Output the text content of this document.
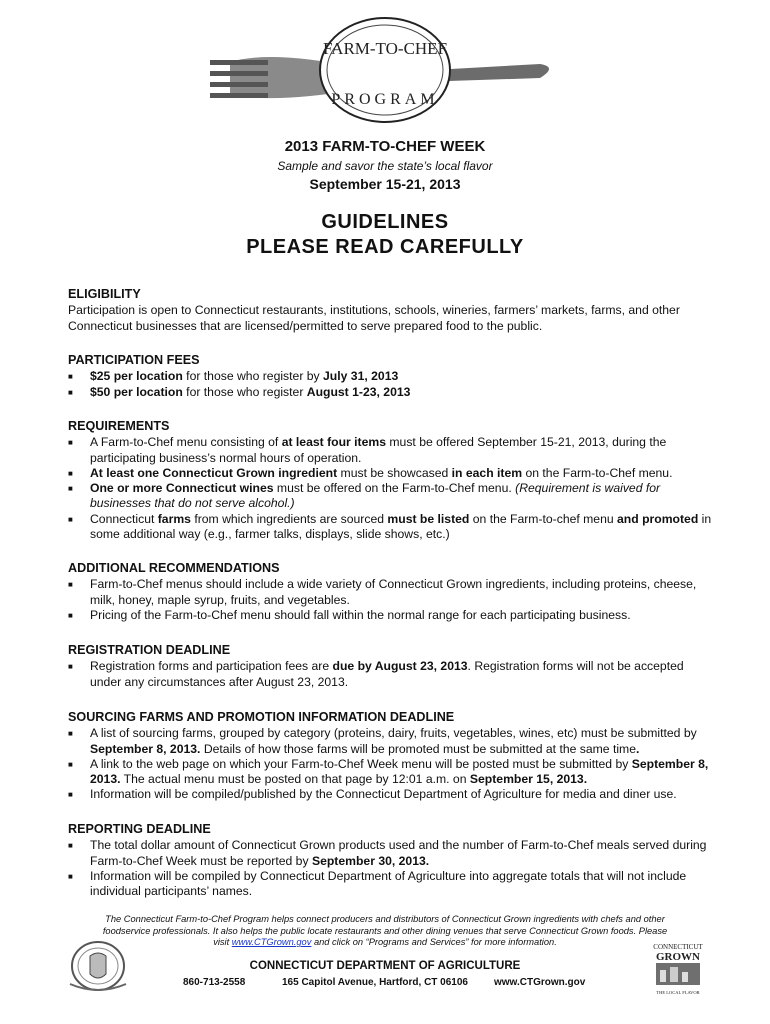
FARM-TO-CHEF
PROGRAM
2013 FARM-TO-CHEF WEEK
Sample and savor the state’s local flavor
September 15-21, 2013
GUIDELINES
PLEASE READ CAREFULLY
ELIGIBILITY

Participation is open to Connecticut restaurants, institutions, schools, wineries, farmers’ markets, farms, and other Connecticut businesses that are licensed/permitted to serve prepared food to the public.

PARTICIPATION FEES
■ $25 per location for those who register by July 31, 2013
■ $50 per location for those who register August 1-23, 2013
REQUIREMENTS
■ A Farm-to-Chef menu consisting of at least four items must be offered September 15-21, 2013, during the participating business’s normal hours of operation.
■ At least one Connecticut Grown ingredient must be showcased in each item on the Farm-to-Chef menu.
■ One or more Connecticut wines must be offered on the Farm-to-Chef menu. (Requirement is waived for businesses that do not serve alcohol.)
■ Connecticut farms from which ingredients are sourced must be listed on the Farm-to-chef menu and promoted in some additional way (e.g., farmer talks, displays, slide shows, etc.)
ADDITIONAL RECOMMENDATIONS
■ Farm-to-Chef menus should include a wide variety of Connecticut Grown ingredients, including proteins, cheese, milk, honey, maple syrup, fruits, and vegetables.
■ Pricing of the Farm-to-Chef menu should fall within the normal range for each participating business.
REGISTRATION DEADLINE
■ Registration forms and participation fees are due by August 23, 2013. Registration forms will not be accepted under any circumstances after August 23, 2013.
SOURCING FARMS AND PROMOTION INFORMATION DEADLINE
■ A list of sourcing farms, grouped by category (proteins, dairy, fruits, vegetables, wines, etc) must be submitted by September 8, 2013. Details of how those farms will be promoted must be submitted at the same time.
■ A link to the web page on which your Farm-to-Chef Week menu will be posted must be submitted by September 8, 2013. The actual menu must be posted on that page by 12:01 a.m. on September 15, 2013.
■ Information will be compiled/published by the Connecticut Department of Agriculture for media and diner use.
REPORTING DEADLINE
■ The total dollar amount of Connecticut Grown products used and the number of Farm-to-Chef meals served during Farm-to-Chef Week must be reported by September 30, 2013.
■ Information will be compiled by Connecticut Department of Agriculture into aggregate totals that will not include individual participants’ names.
The Connecticut Farm-to-Chef Program helps connect producers and distributors of Connecticut Grown ingredients with chefs and other foodservice professionals. It also helps the public locate restaurants and other dining venues that serve Connecticut Grown foods. Please visit www.CTGrown.gov and click on “Programs and Services” for more information.
CONNECTICUT DEPARTMENT OF AGRICULTURE
860-713-2558	165 Capitol Avenue, Hartford, CT 06106	www.CTGrown.gov
CONNECTICUT
GROWN
THE LOCAL FLAVOR
